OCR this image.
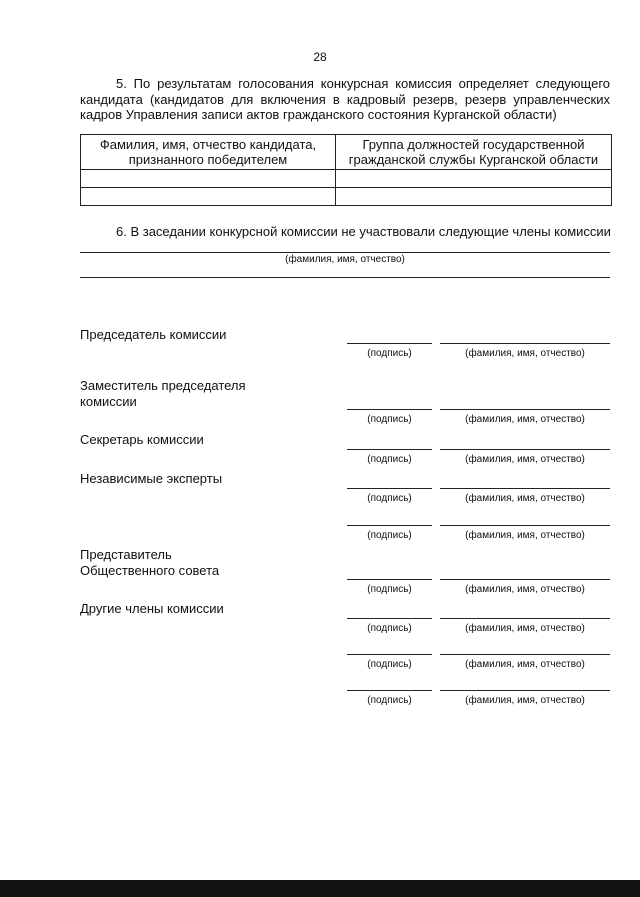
28
5. По результатам голосования конкурсная комиссия определяет следующего кандидата (кандидатов для включения в кадровый резерв, резерв управленческих кадров Управления записи актов гражданского состояния Курганской области)
Фамилия, имя, отчество кандидата, признанного победителем	Группа должностей государственной гражданской службы Курганской области

6. В заседании конкурсной комиссии не участвовали следующие члены комиссии
(фамилия, имя, отчество)
Председатель комиссии
(подпись)	(фамилия, имя, отчество)
Заместитель председателя комиссии
(подпись)	(фамилия, имя, отчество)
Секретарь комиссии
(подпись)	(фамилия, имя, отчество)
Независимые эксперты
(подпись)	(фамилия, имя, отчество)
(подпись)	(фамилия, имя, отчество)
Представитель Общественного совета
(подпись)	(фамилия, имя, отчество)
Другие члены комиссии
(подпись)	(фамилия, имя, отчество)
(подпись)	(фамилия, имя, отчество)
(подпись)	(фамилия, имя, отчество)
